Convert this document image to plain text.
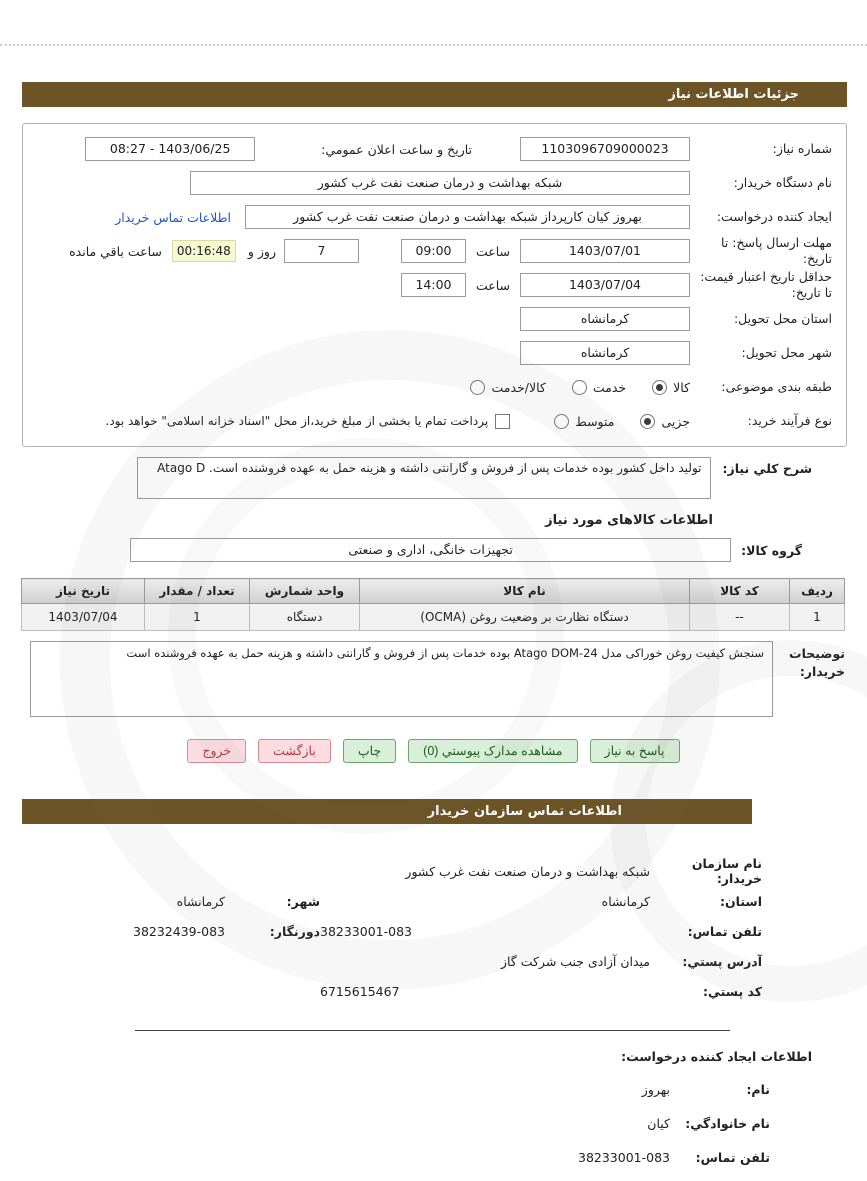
جزئیات اطلاعات نیاز
شماره نیاز:
1103096709000023
تاریخ و ساعت اعلان عمومي:
08:27 - 1403/06/25
نام دستگاه خریدار:
شبکه بهداشت و درمان صنعت نفت غرب کشور
ایجاد کننده درخواست:
بهروز کیان کارپرداز شبکه بهداشت و درمان صنعت نفت غرب کشور
اطلاعات تماس خریدار
مهلت ارسال پاسخ: تا تاریخ:
1403/07/01
ساعت
09:00
7
روز و
00:16:48
ساعت باقي مانده
حداقل تاریخ اعتبار قیمت: تا تاریخ:
1403/07/04
ساعت
14:00
استان محل تحویل:
کرمانشاه
شهر محل تحویل:
کرمانشاه
طبقه بندی موضوعی:
کالا
خدمت
کالا/خدمت
نوع فرآیند خرید:
جزیی
متوسط
پرداخت تمام یا بخشی از مبلغ خرید،از محل "اسناد خزانه اسلامی" خواهد بود.
شرح کلي نیاز:
تولید داخل کشور بوده خدمات پس از فروش و گارانتی داشته و هزینه حمل به عهده فروشنده است. Atago D
اطلاعات کالاهای مورد نیاز
گروه کالا:
تجهیزات خانگی، اداری و صنعتی
ردیف	کد کالا	نام کالا	واحد شمارش	تعداد / مقدار	تاریخ نیاز
1	--	دستگاه نظارت بر وضعیت روغن (OCMA)	دستگاه	1	1403/07/04
توضیحات خریدار:
سنجش کیفیت روغن خوراکی مدل Atago DOM-24 بوده خدمات پس از فروش و گارانتی داشته و هزینه حمل به عهده فروشنده است
پاسخ به نیاز
مشاهده مدارک پیوستي (0)
چاپ
بازگشت
خروج
اطلاعات تماس سازمان خریدار
نام سازمان خریدار:
شبکه بهداشت و درمان صنعت نفت غرب کشور
استان:
کرمانشاه
شهر:
کرمانشاه
تلفن تماس:
38233001-083
دورنگار:
38232439-083
آدرس پستي:
میدان آزادی جنب شرکت گاز
کد پستي:
6715615467
اطلاعات ایجاد کننده درخواست:
نام:
بهروز
نام خانوادگي:
کیان
تلفن تماس:
38233001-083
